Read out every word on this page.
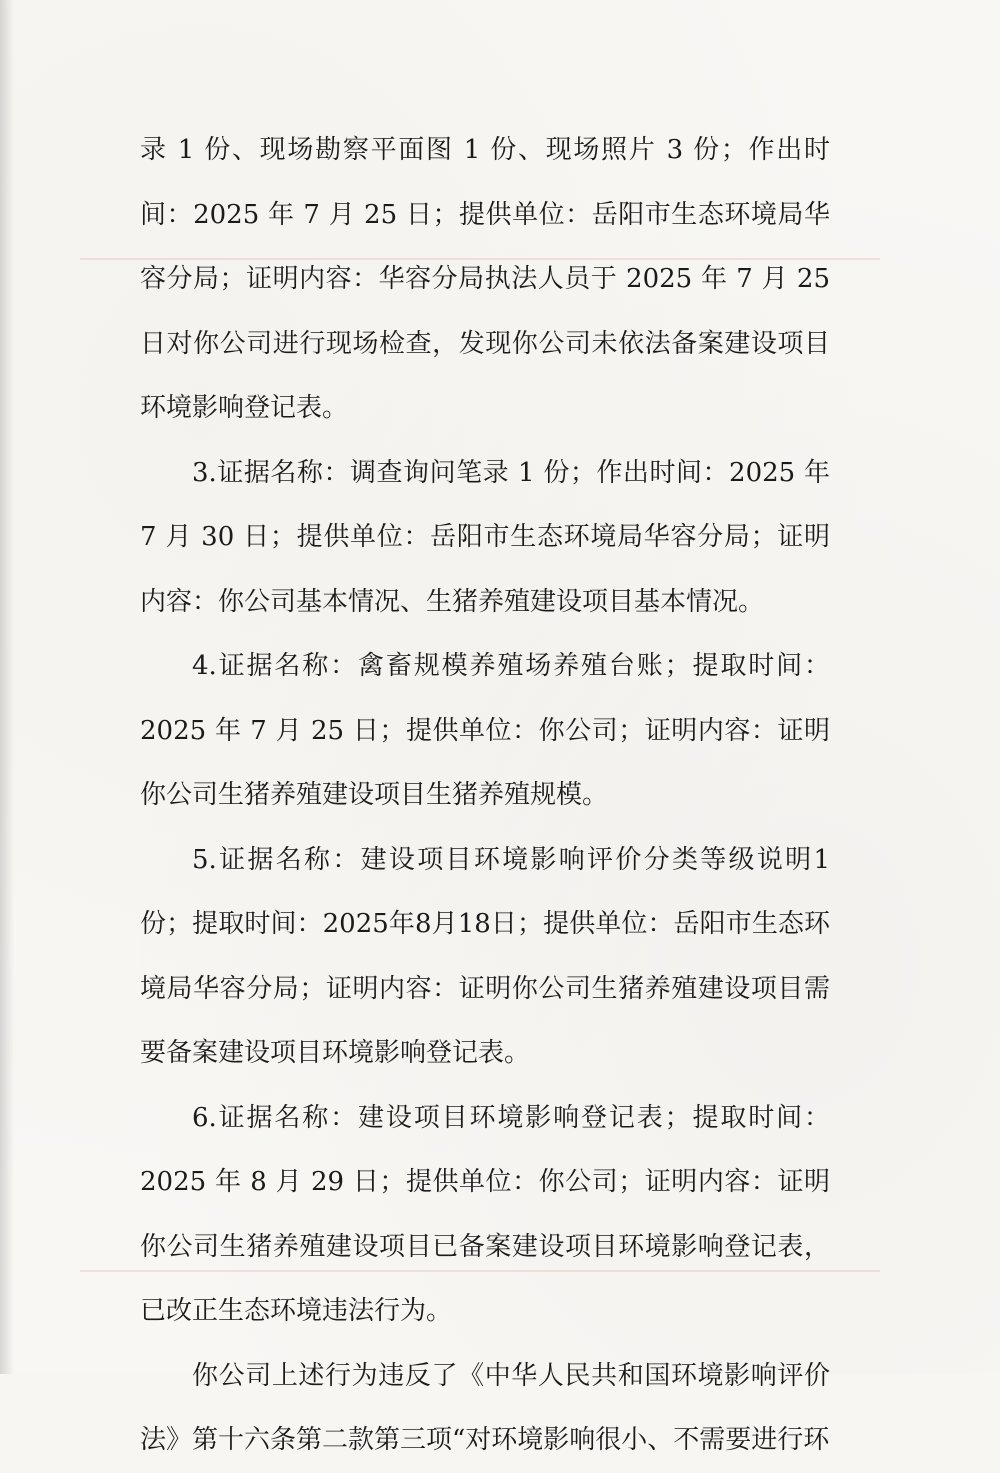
录 1 份、现场勘察平面图 1 份、现场照片 3 份；作出时间：2025 年 7 月 25 日；提供单位：岳阳市生态环境局华容分局；证明内容：华容分局执法人员于 2025 年 7 月 25 日对你公司进行现场检查，发现你公司未依法备案建设项目环境影响登记表。

3.证据名称：调查询问笔录 1 份；作出时间：2025 年 7 月 30 日；提供单位：岳阳市生态环境局华容分局；证明内容：你公司基本情况、生猪养殖建设项目基本情况。

4.证据名称：禽畜规模养殖场养殖台账；提取时间：2025 年 7 月 25 日；提供单位：你公司；证明内容：证明你公司生猪养殖建设项目生猪养殖规模。

5.证据名称：建设项目环境影响评价分类等级说明1份；提取时间：2025年8月18日；提供单位：岳阳市生态环境局华容分局；证明内容：证明你公司生猪养殖建设项目需要备案建设项目环境影响登记表。

6.证据名称：建设项目环境影响登记表；提取时间：2025 年 8 月 29 日；提供单位：你公司；证明内容：证明你公司生猪养殖建设项目已备案建设项目环境影响登记表，已改正生态环境违法行为。

你公司上述行为违反了《中华人民共和国环境影响评价法》第十六条第二款第三项“对环境影响很小、不需要进行环
